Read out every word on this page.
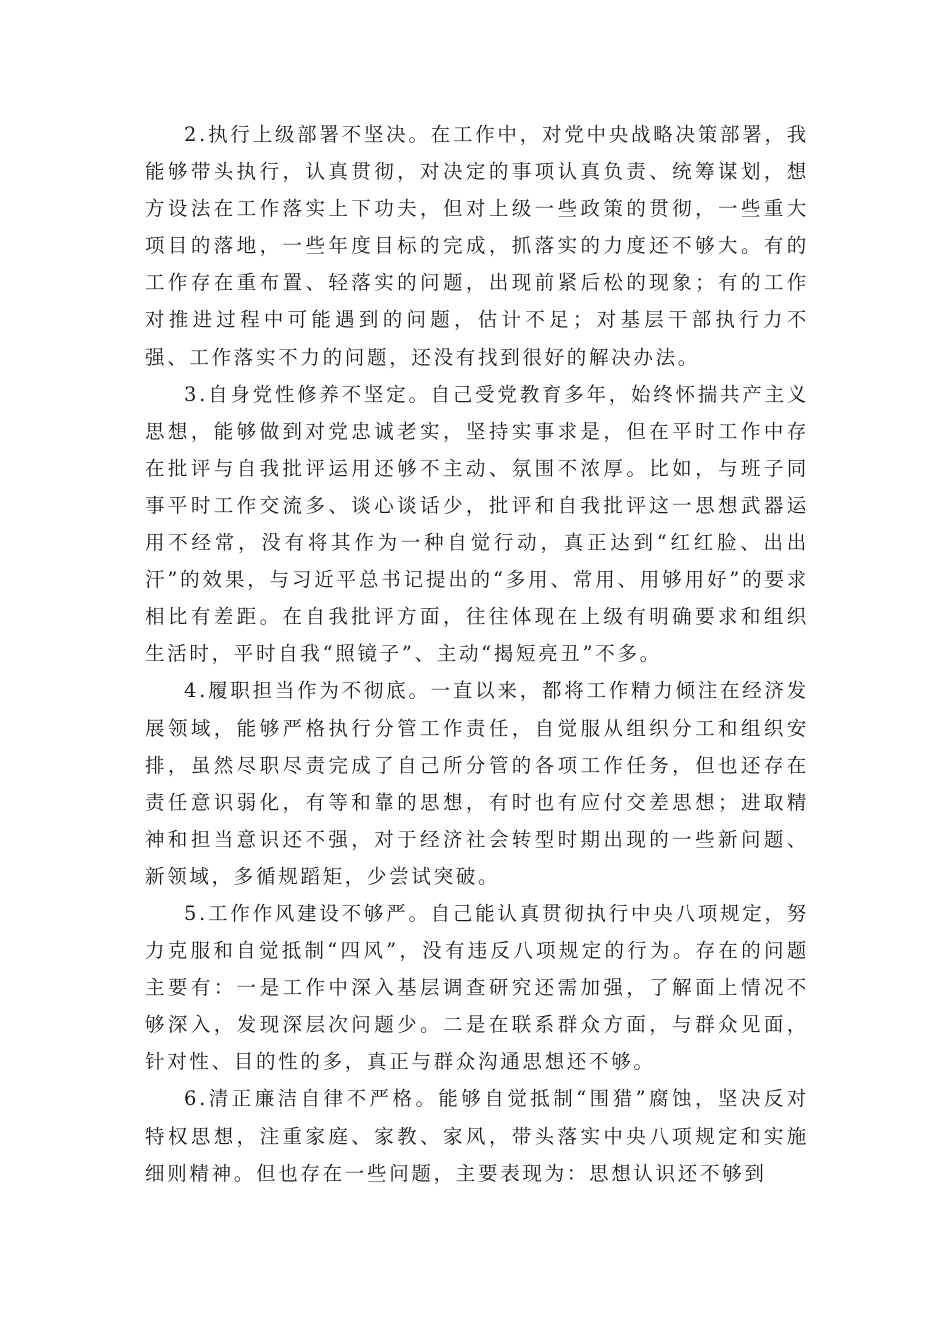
2.执行上级部署不坚决。在工作中，对党中央战略决策部署，我能够带头执行，认真贯彻，对决定的事项认真负责、统筹谋划，想方设法在工作落实上下功夫，但对上级一些政策的贯彻，一些重大项目的落地，一些年度目标的完成，抓落实的力度还不够大。有的工作存在重布置、轻落实的问题，出现前紧后松的现象；有的工作对推进过程中可能遇到的问题，估计不足；对基层干部执行力不强、工作落实不力的问题，还没有找到很好的解决办法。

3.自身党性修养不坚定。自己受党教育多年，始终怀揣共产主义思想，能够做到对党忠诚老实，坚持实事求是，但在平时工作中存在批评与自我批评运用还够不主动、氛围不浓厚。比如，与班子同事平时工作交流多、谈心谈话少，批评和自我批评这一思想武器运用不经常，没有将其作为一种自觉行动，真正达到“红红脸、出出汗”的效果，与习近平总书记提出的“多用、常用、用够用好”的要求相比有差距。在自我批评方面，往往体现在上级有明确要求和组织生活时，平时自我“照镜子”、主动“揭短亮丑”不多。

4.履职担当作为不彻底。一直以来，都将工作精力倾注在经济发展领域，能够严格执行分管工作责任，自觉服从组织分工和组织安排，虽然尽职尽责完成了自己所分管的各项工作任务，但也还存在责任意识弱化，有等和靠的思想，有时也有应付交差思想；进取精神和担当意识还不强，对于经济社会转型时期出现的一些新问题、新领域，多循规蹈矩，少尝试突破。

5.工作作风建设不够严。自己能认真贯彻执行中央八项规定，努力克服和自觉抵制“四风”，没有违反八项规定的行为。存在的问题主要有：一是工作中深入基层调查研究还需加强，了解面上情况不够深入，发现深层次问题少。二是在联系群众方面，与群众见面，针对性、目的性的多，真正与群众沟通思想还不够。

6.清正廉洁自律不严格。能够自觉抵制“围猎”腐蚀，坚决反对特权思想，注重家庭、家教、家风，带头落实中央八项规定和实施细则精神。但也存在一些问题，主要表现为：思想认识还不够到
